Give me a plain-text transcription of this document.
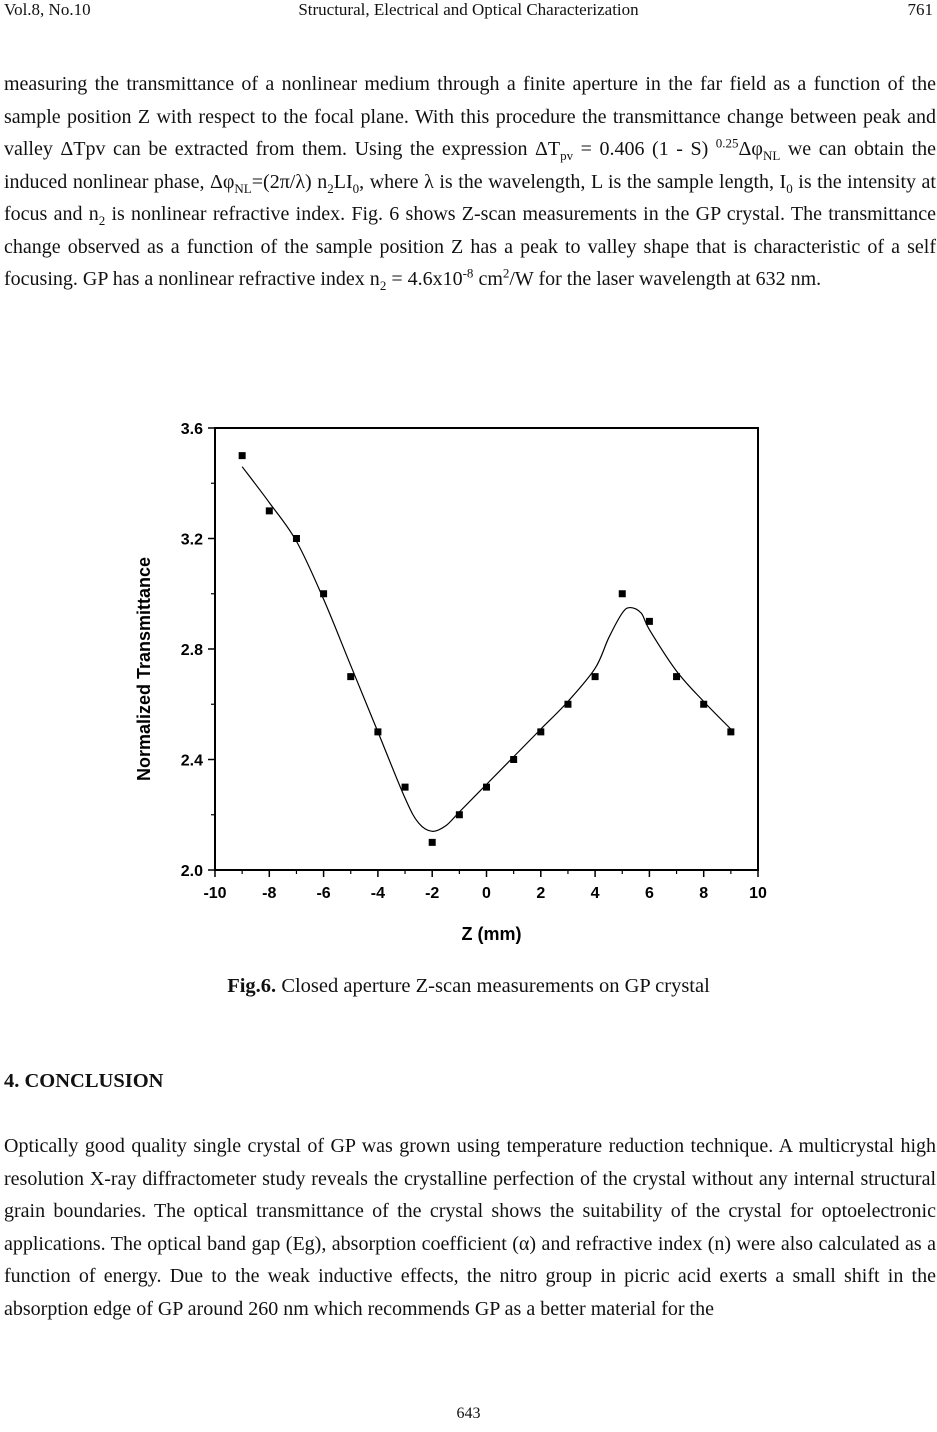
Vol.8, No.10	Structural, Electrical and Optical Characterization	761
measuring the transmittance of a nonlinear medium through a finite aperture in the far field as a function of the sample position Z with respect to the focal plane. With this procedure the transmittance change between peak and valley ΔTpv can be extracted from them. Using the expression $\Delta T_{pv} = 0.406$ (1 - S) $^{0.25}\Delta\varphi_{NL}$ we can obtain the induced nonlinear phase, $\Delta\varphi_{NL}=(2\pi/\lambda)$ $n_2LI_0$, where λ is the wavelength, L is the sample length, $I_0$ is the intensity at focus and $n_2$ is nonlinear refractive index. Fig. 6 shows Z-scan measurements in the GP crystal. The transmittance change observed as a function of the sample position Z has a peak to valley shape that is characteristic of a self focusing. GP has a nonlinear refractive index $n_2 = 4.6x10^{-8}$ $cm^2/W$ for the laser wavelength at 632 nm.
-10 -8	-6	-4	-2	0	2	4	6	8	10
2.0
2.4
2.8
3.2
3.6
Z (mm)
Normalized Transmittance
Fig.6. Closed aperture Z-scan measurements on GP crystal
4. CONCLUSION
Optically good quality single crystal of GP was grown using temperature reduction technique. A multicrystal high resolution X-ray diffractometer study reveals the crystalline perfection of the crystal without any internal structural grain boundaries. The optical transmittance of the crystal shows the suitability of the crystal for optoelectronic applications. The optical band gap (Eg), absorption coefficient (α) and refractive index (n) were also calculated as a function of energy. Due to the weak inductive effects, the nitro group in picric acid exerts a small shift in the absorption edge of GP around 260 nm which recommends GP as a better material for the
643
